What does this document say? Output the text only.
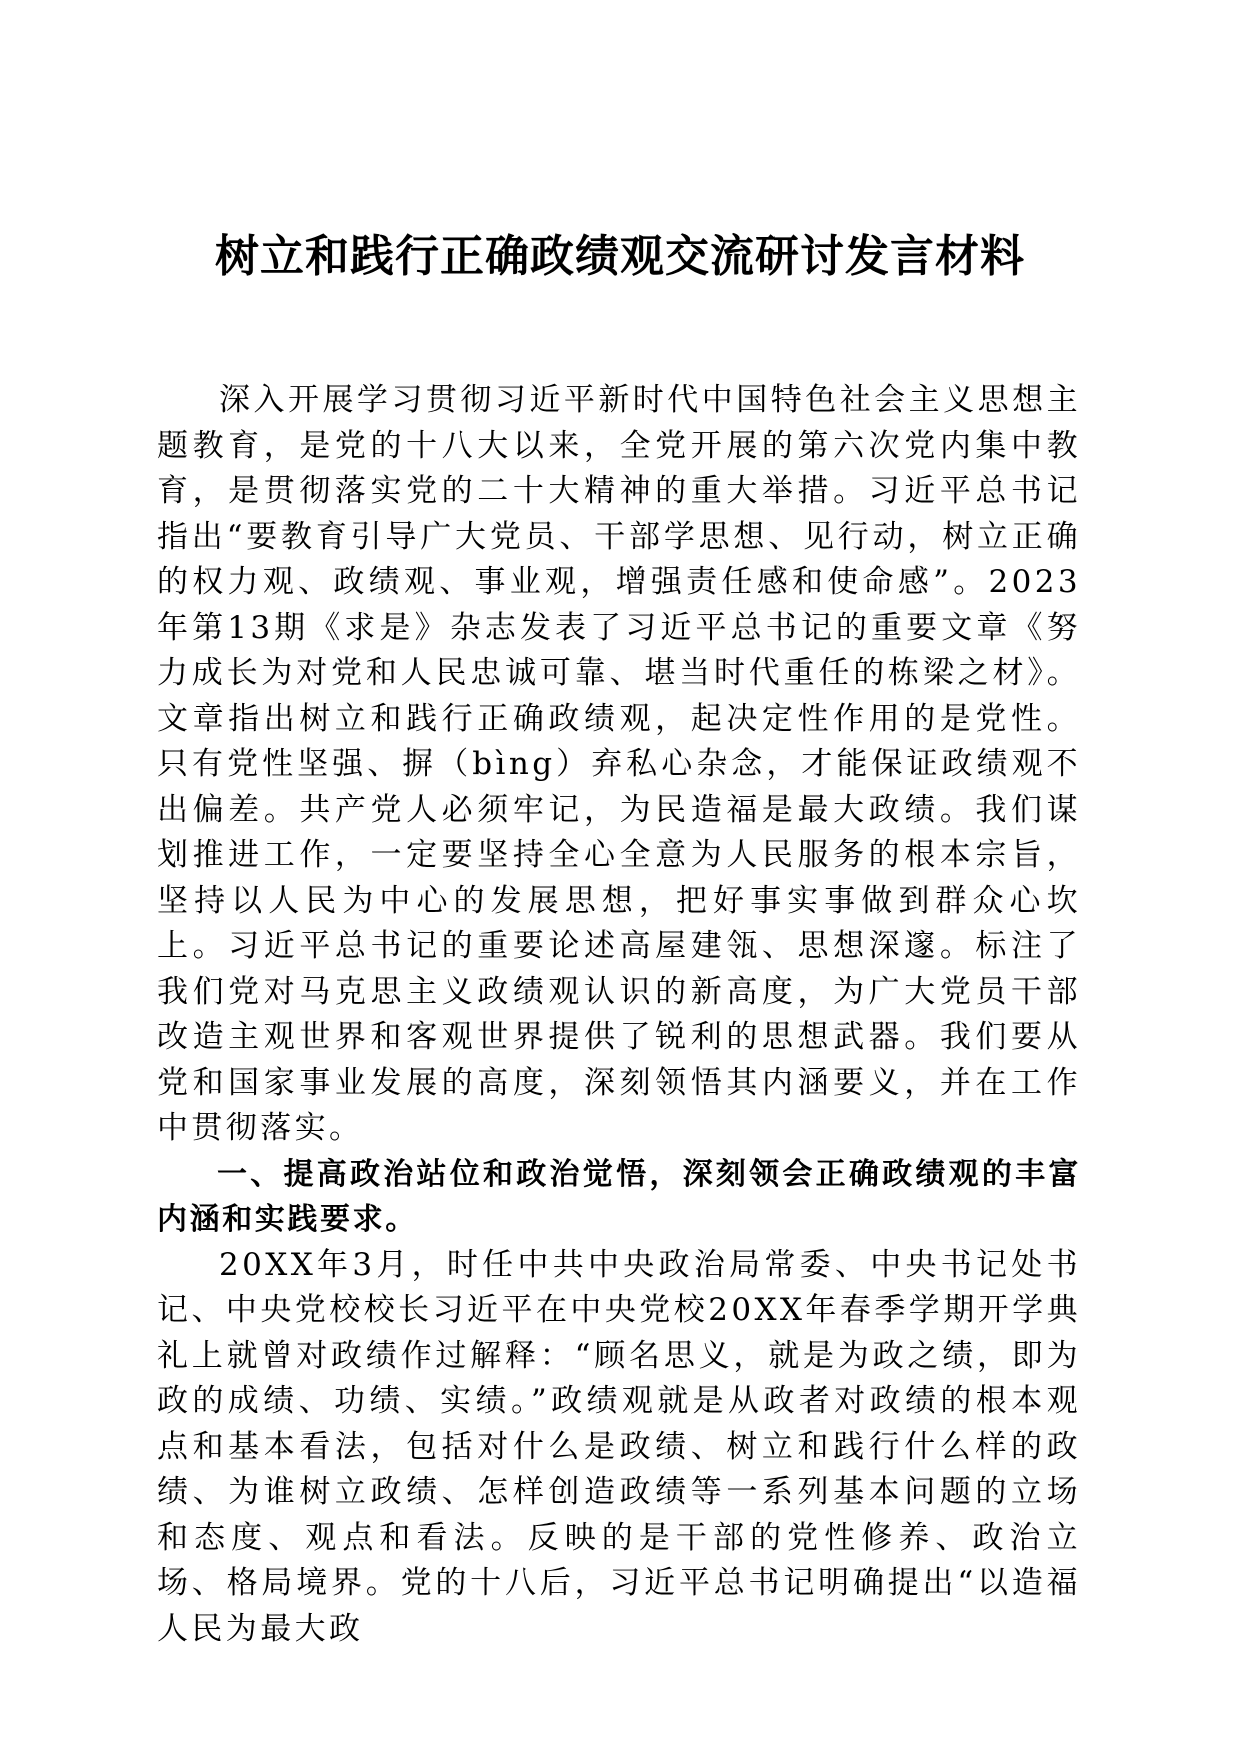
树立和践行正确政绩观交流研讨发言材料

深入开展学习贯彻习近平新时代中国特色社会主义思想主题教育，是党的十八大以来，全党开展的第六次党内集中教育，是贯彻落实党的二十大精神的重大举措。习近平总书记指出“要教育引导广大党员、干部学思想、见行动，树立正确的权力观、政绩观、事业观，增强责任感和使命感”。2023年第13期《求是》杂志发表了习近平总书记的重要文章《努力成长为对党和人民忠诚可靠、堪当时代重任的栋梁之材》。文章指出树立和践行正确政绩观，起决定性作用的是党性。只有党性坚强、摒（bìng）弃私心杂念，才能保证政绩观不出偏差。共产党人必须牢记，为民造福是最大政绩。我们谋划推进工作，一定要坚持全心全意为人民服务的根本宗旨，坚持以人民为中心的发展思想，把好事实事做到群众心坎上。习近平总书记的重要论述高屋建瓴、思想深邃。标注了我们党对马克思主义政绩观认识的新高度，为广大党员干部改造主观世界和客观世界提供了锐利的思想武器。我们要从党和国家事业发展的高度，深刻领悟其内涵要义，并在工作中贯彻落实。

一、提高政治站位和政治觉悟，深刻领会正确政绩观的丰富内涵和实践要求。

20XX年3月，时任中共中央政治局常委、中央书记处书记、中央党校校长习近平在中央党校20XX年春季学期开学典礼上就曾对政绩作过解释：“顾名思义，就是为政之绩，即为政的成绩、功绩、实绩。”政绩观就是从政者对政绩的根本观点和基本看法，包括对什么是政绩、树立和践行什么样的政绩、为谁树立政绩、怎样创造政绩等一系列基本问题的立场和态度、观点和看法。反映的是干部的党性修养、政治立场、格局境界。党的十八后，习近平总书记明确提出“以造福人民为最大政
